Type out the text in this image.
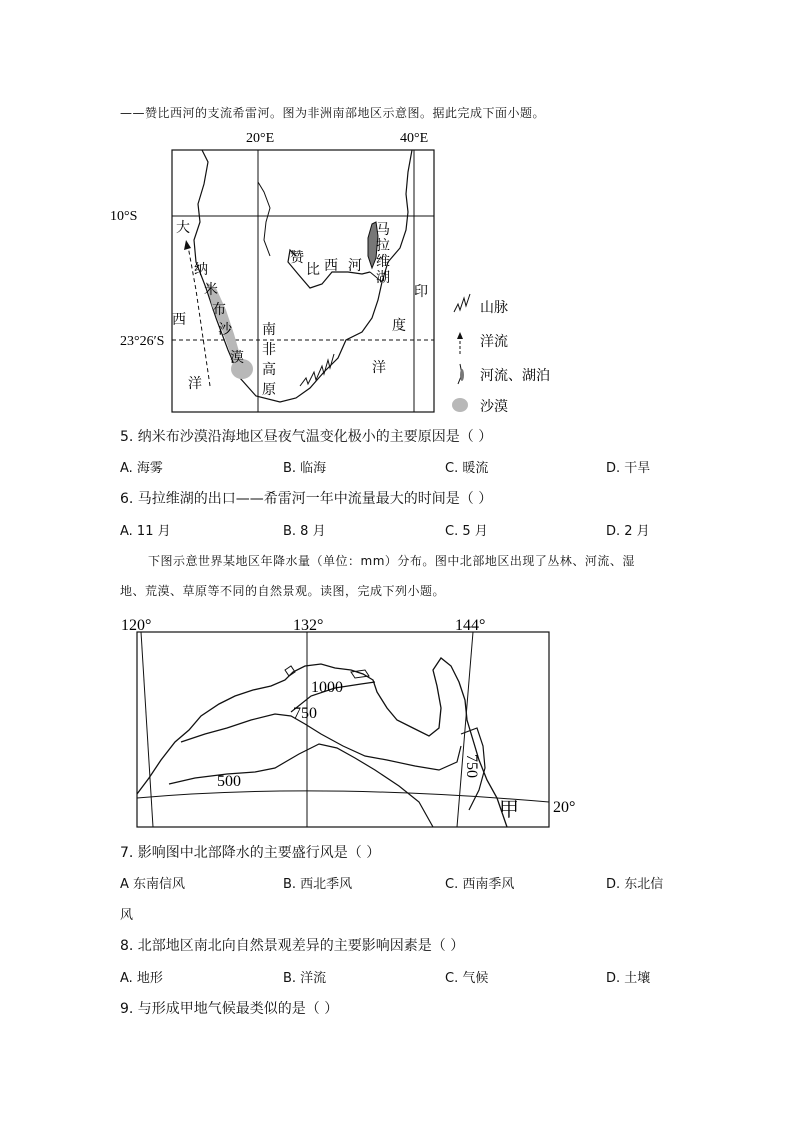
——赞比西河的支流希雷河。图为非洲南部地区示意图。据此完成下面小题。
20°E	40°E
10°S
23°26′S
大
西
洋
纳
米
布
沙
漠
南
非
高
原
赞
比 西 河
马
拉
维
湖
印
度
洋
山脉
洋流
河流、湖泊
沙漠
5. 纳米布沙漠沿海地区昼夜气温变化极小的主要原因是（ ）
A. 海雾	B. 临海	C. 暖流	D. 干旱
6. 马拉维湖的出口——希雷河一年中流量最大的时间是（ ）
A. 11 月	B. 8 月	C. 5 月	D. 2 月
下图示意世界某地区年降水量（单位：mm）分布。图中北部地区出现了丛林、河流、湿
地、荒漠、草原等不同的自然景观。读图，完成下列小题。
120°	132°	144°
20°
1000
750
500
750
甲
7. 影响图中北部降水的主要盛行风是（ ）
A 东南信风	B. 西北季风	C. 西南季风	D. 东北信
风
8. 北部地区南北向自然景观差异的主要影响因素是（ ）
A. 地形	B. 洋流	C. 气候	D. 土壤
9. 与形成甲地气候最类似的是（ ）
